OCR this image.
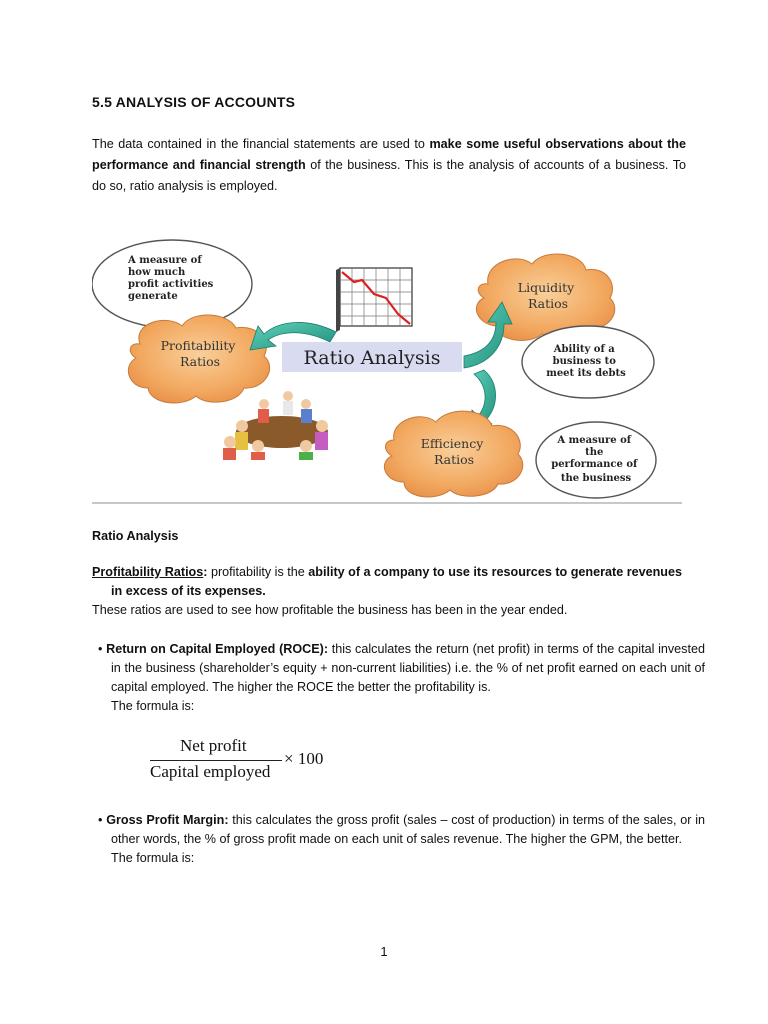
5.5 ANALYSIS OF ACCOUNTS
The data contained in the financial statements are used to make some useful observations about the performance and financial strength of the business. This is the analysis of accounts of a business. To do so, ratio analysis is employed.
A measure of how much profit activities generate
Profitability Ratios	Ratio Analysis
Liquidity Ratios
Ability of a business to meet its debts
Efficiency Ratios
A measure of the performance of the business
Ratio Analysis
Profitability Ratios: profitability is the ability of a company to use its resources to generate revenues in excess of its expenses.
These ratios are used to see how profitable the business has been in the year ended.
• Return on Capital Employed (ROCE): this calculates the return (net profit) in terms of the capital invested in the business (shareholder’s equity + non-current liabilities) i.e. the % of net profit earned on each unit of capital employed. The higher the ROCE the better the profitability is.
The formula is:
Net profit
Capital employed
× 100
• Gross Profit Margin: this calculates the gross profit (sales – cost of production) in terms of the sales, or in other words, the % of gross profit made on each unit of sales revenue. The higher the GPM, the better.
The formula is:
1
